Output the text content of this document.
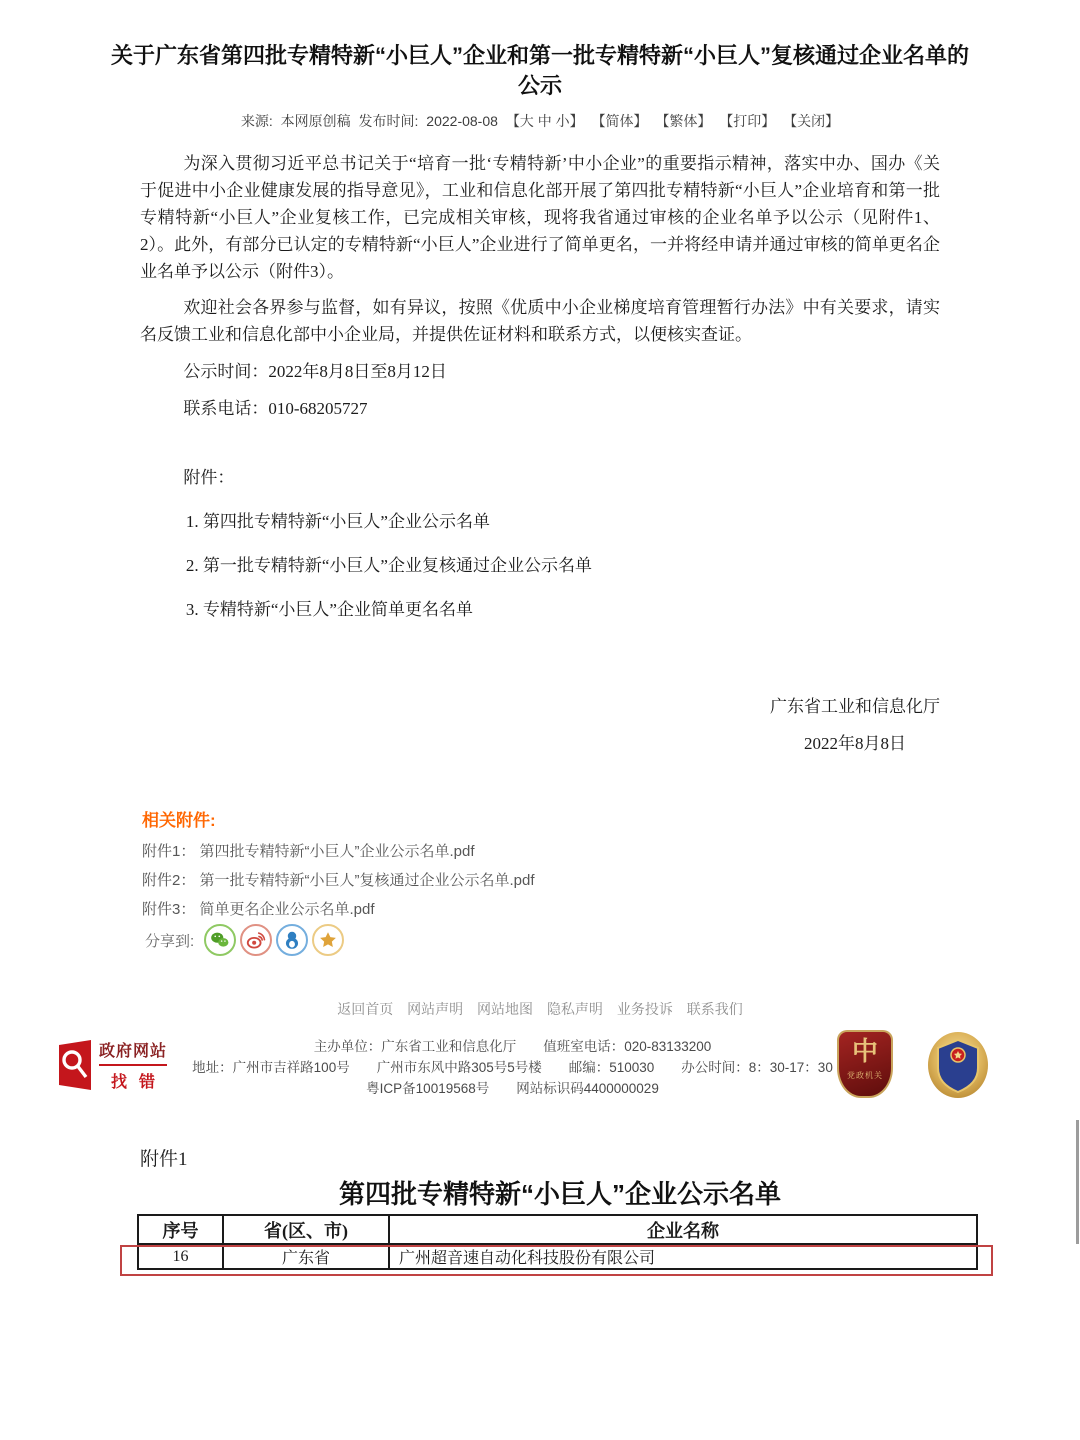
关于广东省第四批专精特新“小巨人”企业和第一批专精特新“小巨人”复核通过企业名单的公示
来源: 本网原创稿 发布时间: 2022-08-08 【大 中 小】 【简体】 【繁体】 【打印】 【关闭】

为深入贯彻习近平总书记关于“培育一批‘专精特新’中小企业”的重要指示精神，落实中办、国办《关于促进中小企业健康发展的指导意见》，工业和信息化部开展了第四批专精特新“小巨人”企业培育和第一批专精特新“小巨人”企业复核工作，已完成相关审核，现将我省通过审核的企业名单予以公示（见附件1、2）。此外，有部分已认定的专精特新“小巨人”企业进行了简单更名，一并将经申请并通过审核的简单更名企业名单予以公示（附件3）。

欢迎社会各界参与监督，如有异议，按照《优质中小企业梯度培育管理暂行办法》中有关要求，请实名反馈工业和信息化部中小企业局，并提供佐证材料和联系方式，以便核实查证。

公示时间：2022年8月8日至8月12日

联系电话：010-68205727

附件：

1. 第四批专精特新“小巨人”企业公示名单

2. 第一批专精特新“小巨人”企业复核通过企业公示名单

3. 专精特新“小巨人”企业简单更名名单

广东省工业和信息化厅
2022年8月8日
相关附件:
附件1： 第四批专精特新“小巨人”企业公示名单.pdf
附件2： 第一批专精特新“小巨人”复核通过企业公示名单.pdf
附件3： 简单更名企业公示名单.pdf
分享到:
返回首页 网站声明 网站地图 隐私声明 业务投诉 联系我们
主办单位：广东省工业和信息化厅　　值班室电话：020-83133200
地址：广州市吉祥路100号　　广州市东风中路305号5号楼　　邮编：510030　　办公时间：8：30-17：30
粤ICP备10019568号　　网站标识码4400000029
政府网站
找错
中
党政机关
附件1
第四批专精特新“小巨人”企业公示名单
序号	省(区、市)	企业名称
16	广东省	广州超音速自动化科技股份有限公司
